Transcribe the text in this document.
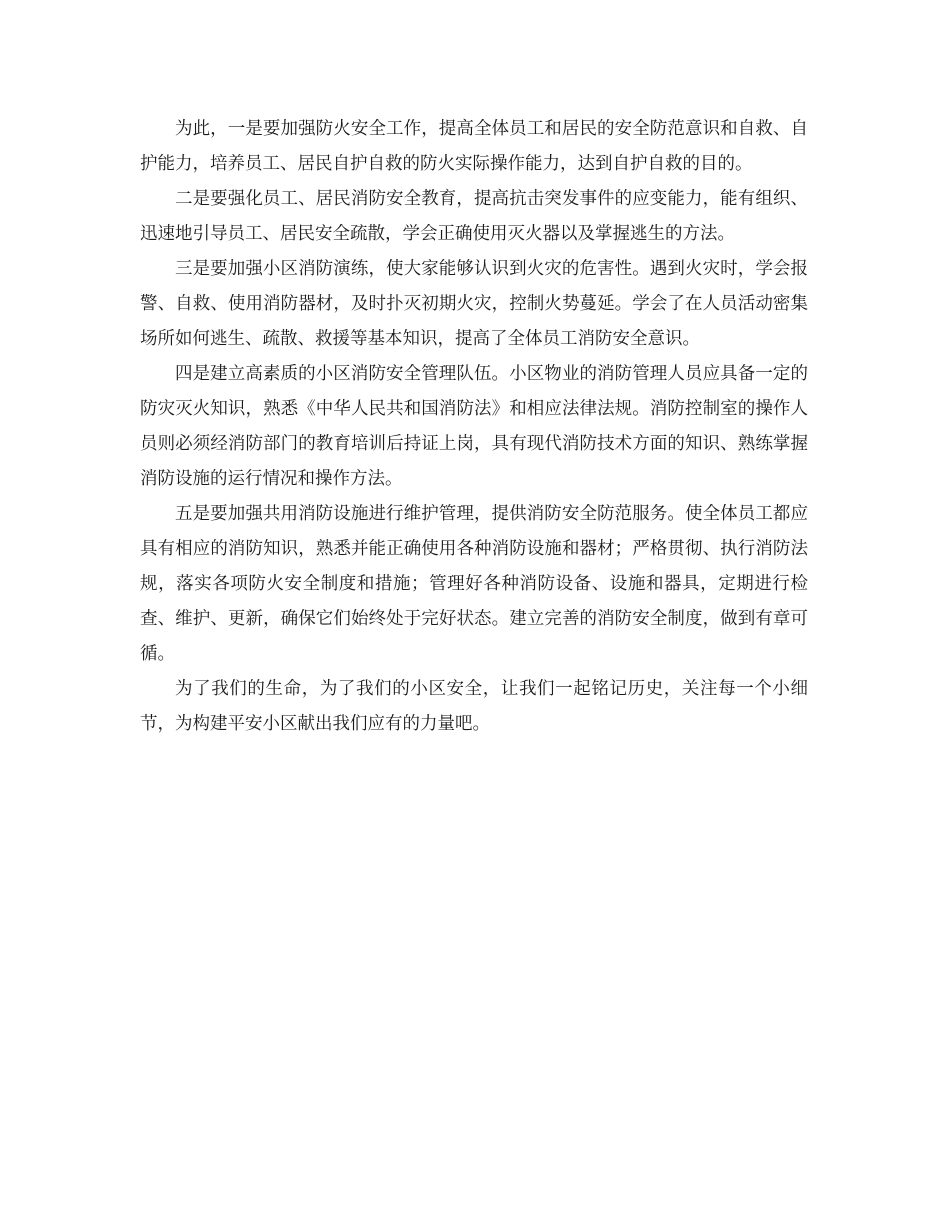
为此，一是要加强防火安全工作，提高全体员工和居民的安全防范意识和自救、自护能力，培养员工、居民自护自救的防火实际操作能力，达到自护自救的目的。

二是要强化员工、居民消防安全教育，提高抗击突发事件的应变能力，能有组织、迅速地引导员工、居民安全疏散，学会正确使用灭火器以及掌握逃生的方法。

三是要加强小区消防演练，使大家能够认识到火灾的危害性。遇到火灾时，学会报警、自救、使用消防器材，及时扑灭初期火灾，控制火势蔓延。学会了在人员活动密集场所如何逃生、疏散、救援等基本知识，提高了全体员工消防安全意识。

四是建立高素质的小区消防安全管理队伍。小区物业的消防管理人员应具备一定的防灾灭火知识，熟悉《中华人民共和国消防法》和相应法律法规。消防控制室的操作人员则必须经消防部门的教育培训后持证上岗，具有现代消防技术方面的知识、熟练掌握消防设施的运行情况和操作方法。

五是要加强共用消防设施进行维护管理，提供消防安全防范服务。使全体员工都应具有相应的消防知识，熟悉并能正确使用各种消防设施和器材；严格贯彻、执行消防法规，落实各项防火安全制度和措施；管理好各种消防设备、设施和器具，定期进行检查、维护、更新，确保它们始终处于完好状态。建立完善的消防安全制度，做到有章可循。

为了我们的生命，为了我们的小区安全，让我们一起铭记历史，关注每一个小细节，为构建平安小区献出我们应有的力量吧。
